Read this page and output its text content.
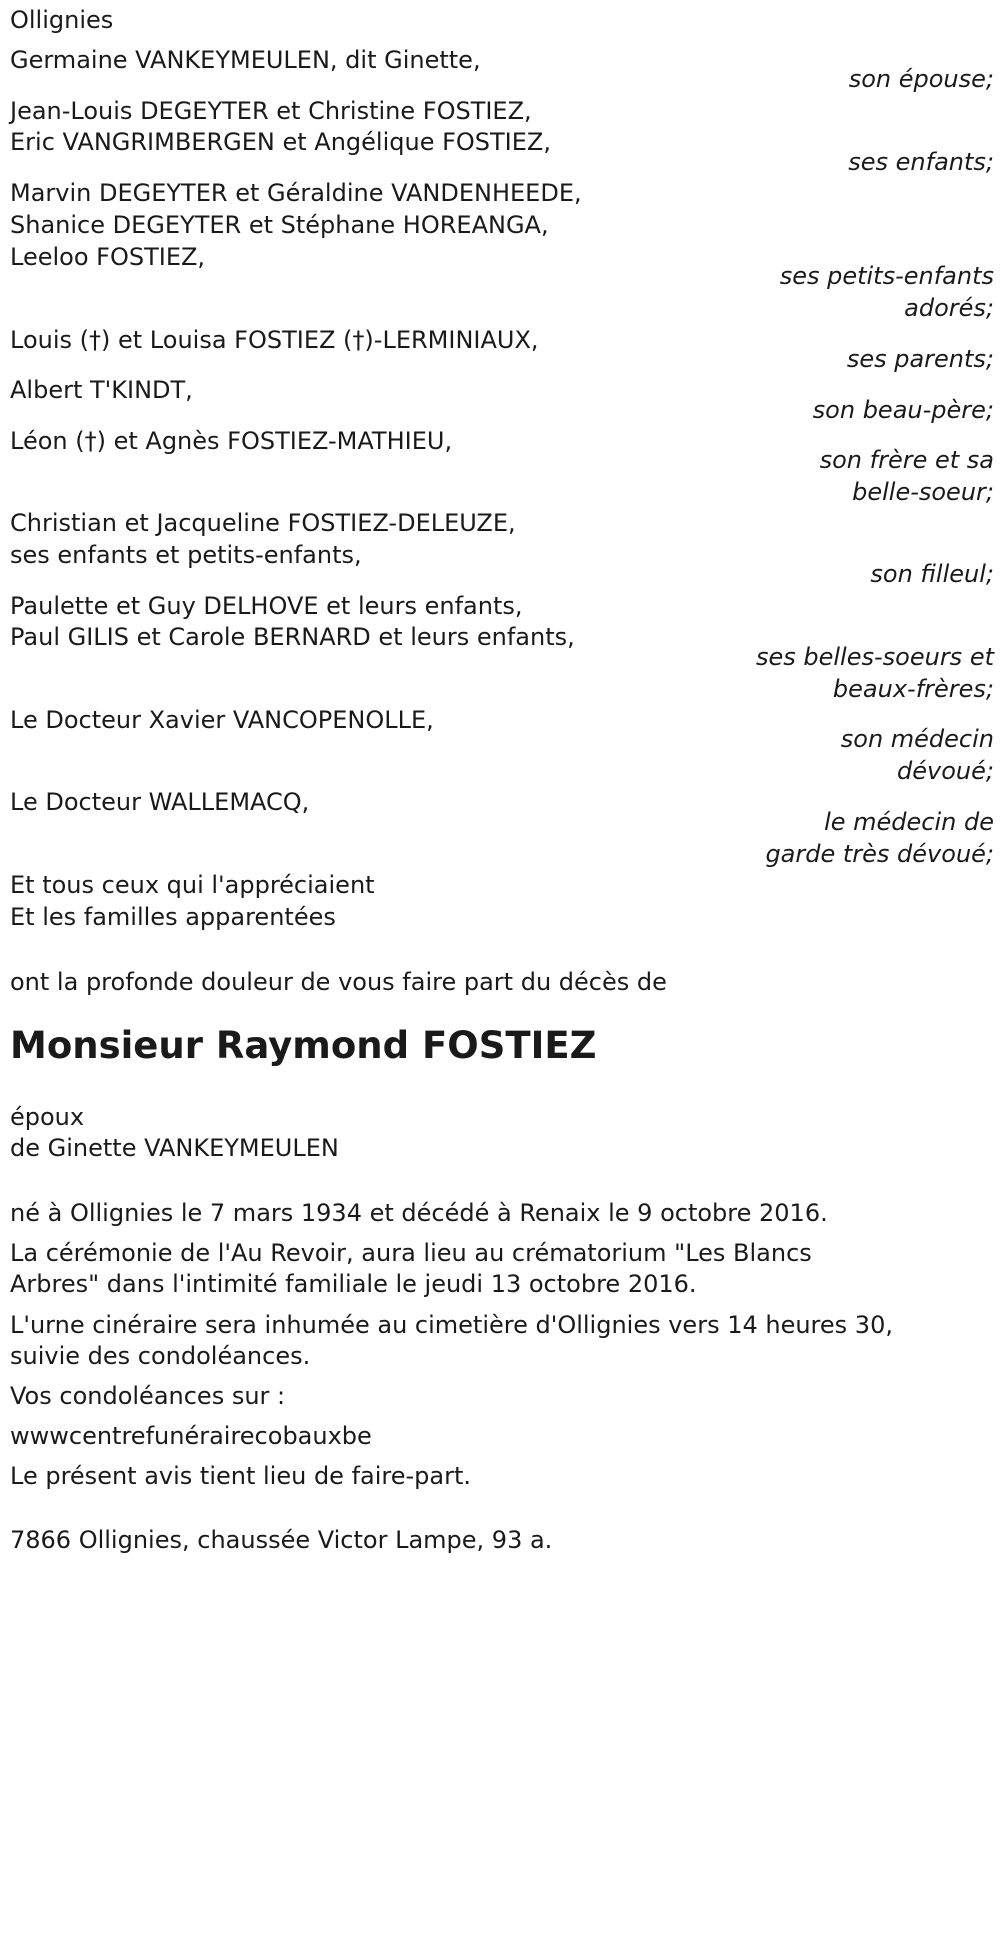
Ollignies

Germaine VANKEYMEULEN, dit Ginette,

son épouse;

Jean-Louis DEGEYTER et Christine FOSTIEZ,

Eric VANGRIMBERGEN et Angélique FOSTIEZ,

ses enfants;

Marvin DEGEYTER et Géraldine VANDENHEEDE,

Shanice DEGEYTER et Stéphane HOREANGA,

Leeloo FOSTIEZ,

ses petits-enfants

adorés;

Louis (†) et Louisa FOSTIEZ (†)-LERMINIAUX,

ses parents;

Albert T'KINDT,

son beau-père;

Léon (†) et Agnès FOSTIEZ-MATHIEU,

son frère et sa

belle-soeur;

Christian et Jacqueline FOSTIEZ-DELEUZE,

ses enfants et petits-enfants,

son filleul;

Paulette et Guy DELHOVE et leurs enfants,

Paul GILIS et Carole BERNARD et leurs enfants,

ses belles-soeurs et

beaux-frères;

Le Docteur Xavier VANCOPENOLLE,

son médecin

dévoué;

Le Docteur WALLEMACQ,

le médecin de

garde très dévoué;

Et tous ceux qui l'appréciaient

Et les familles apparentées

ont la profonde douleur de vous faire part du décès de

Monsieur Raymond FOSTIEZ

époux

de Ginette VANKEYMEULEN

né à Ollignies le 7 mars 1934 et décédé à Renaix le 9 octobre 2016.

La cérémonie de l'Au Revoir, aura lieu au crématorium "Les Blancs

Arbres" dans l'intimité familiale le jeudi 13 octobre 2016.

L'urne cinéraire sera inhumée au cimetière d'Ollignies vers 14 heures 30,

suivie des condoléances.

Vos condoléances sur :

wwwcentrefunérairecobauxbe

Le présent avis tient lieu de faire-part.

7866 Ollignies, chaussée Victor Lampe, 93 a.
